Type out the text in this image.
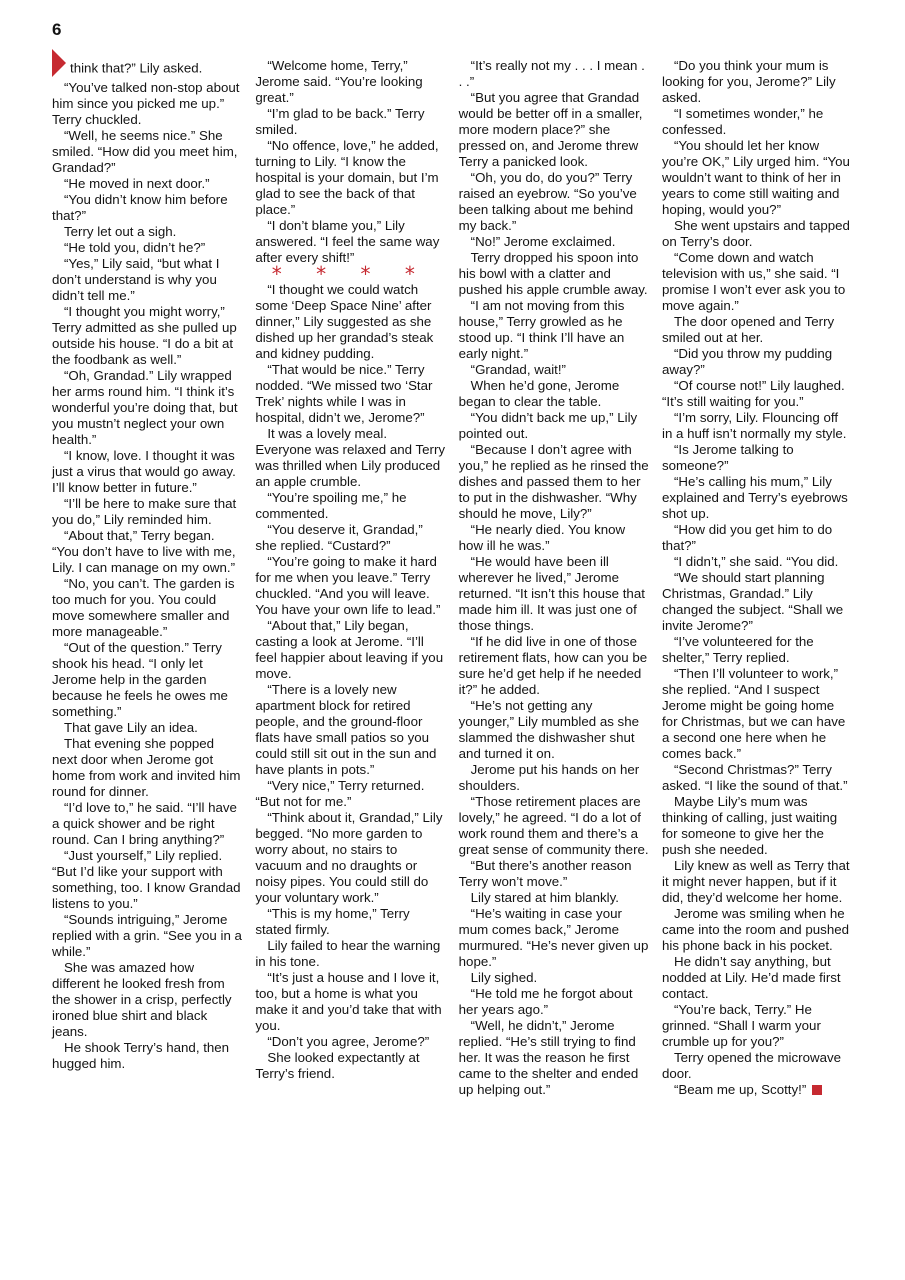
6

think that?” Lily asked.

“You’ve talked non-stop about him since you picked me up.” Terry chuckled.

“Well, he seems nice.” She smiled. “How did you meet him, Grandad?”

“He moved in next door.”

“You didn’t know him before that?”

Terry let out a sigh.

“He told you, didn’t he?”

“Yes,” Lily said, “but what I don’t understand is why you didn’t tell me.”

“I thought you might worry,” Terry admitted as she pulled up outside his house. “I do a bit at the foodbank as well.”

“Oh, Grandad.” Lily wrapped her arms round him. “I think it’s wonderful you’re doing that, but you mustn’t neglect your own health.”

“I know, love. I thought it was just a virus that would go away. I’ll know better in future.”

“I’ll be here to make sure that you do,” Lily reminded him.

“About that,” Terry began. “You don’t have to live with me, Lily. I can manage on my own.”

“No, you can’t. The garden is too much for you. You could move somewhere smaller and more manageable.”

“Out of the question.” Terry shook his head. “I only let Jerome help in the garden because he feels he owes me something.”

That gave Lily an idea.

That evening she popped next door when Jerome got home from work and invited him round for dinner.

“I’d love to,” he said. “I’ll have a quick shower and be right round. Can I bring anything?”

“Just yourself,” Lily replied. “But I’d like your support with something, too. I know Grandad listens to you.”

“Sounds intriguing,” Jerome replied with a grin. “See you in a while.”

She was amazed how different he looked fresh from the shower in a crisp, perfectly ironed blue shirt and black jeans.

He shook Terry’s hand, then hugged him.

“Welcome home, Terry,” Jerome said. “You’re looking great.”

“I’m glad to be back.” Terry smiled.

“No offence, love,” he added, turning to Lily. “I know the hospital is your domain, but I’m glad to see the back of that place.”

“I don’t blame you,” Lily answered. “I feel the same way after every shift!”

* * * *

“I thought we could watch some ‘Deep Space Nine’ after dinner,” Lily suggested as she dished up her grandad’s steak and kidney pudding.

“That would be nice.” Terry nodded. “We missed two ‘Star Trek’ nights while I was in hospital, didn’t we, Jerome?”

It was a lovely meal. Everyone was relaxed and Terry was thrilled when Lily produced an apple crumble.

“You’re spoiling me,” he commented.

“You deserve it, Grandad,” she replied. “Custard?”

“You’re going to make it hard for me when you leave.” Terry chuckled. “And you will leave. You have your own life to lead.”

“About that,” Lily began, casting a look at Jerome. “I’ll feel happier about leaving if you move.

“There is a lovely new apartment block for retired people, and the ground-floor flats have small patios so you could still sit out in the sun and have plants in pots.”

“Very nice,” Terry returned. “But not for me.”

“Think about it, Grandad,” Lily begged. “No more garden to worry about, no stairs to vacuum and no draughts or noisy pipes. You could still do your voluntary work.”

“This is my home,” Terry stated firmly.

Lily failed to hear the warning in his tone.

“It’s just a house and I love it, too, but a home is what you make it and you’d take that with you.

“Don’t you agree, Jerome?”

She looked expectantly at Terry’s friend.

“It’s really not my . . . I mean . . .”

“But you agree that Grandad would be better off in a smaller, more modern place?” she pressed on, and Jerome threw Terry a panicked look.

“Oh, you do, do you?” Terry raised an eyebrow. “So you’ve been talking about me behind my back.”

“No!” Jerome exclaimed.

Terry dropped his spoon into his bowl with a clatter and pushed his apple crumble away.

“I am not moving from this house,” Terry growled as he stood up. “I think I’ll have an early night.”

“Grandad, wait!”

When he’d gone, Jerome began to clear the table.

“You didn’t back me up,” Lily pointed out.

“Because I don’t agree with you,” he replied as he rinsed the dishes and passed them to her to put in the dishwasher. “Why should he move, Lily?”

“He nearly died. You know how ill he was.”

“He would have been ill wherever he lived,” Jerome returned. “It isn’t this house that made him ill. It was just one of those things.

“If he did live in one of those retirement flats, how can you be sure he’d get help if he needed it?” he added.

“He’s not getting any younger,” Lily mumbled as she slammed the dishwasher shut and turned it on.

Jerome put his hands on her shoulders.

“Those retirement places are lovely,” he agreed. “I do a lot of work round them and there’s a great sense of community there.

“But there’s another reason Terry won’t move.”

Lily stared at him blankly.

“He’s waiting in case your mum comes back,” Jerome murmured. “He’s never given up hope.”

Lily sighed.

“He told me he forgot about her years ago.”

“Well, he didn’t,” Jerome replied. “He’s still trying to find her. It was the reason he first came to the shelter and ended up helping out.”

“Do you think your mum is looking for you, Jerome?” Lily asked.

“I sometimes wonder,” he confessed.

“You should let her know you’re OK,” Lily urged him. “You wouldn’t want to think of her in years to come still waiting and hoping, would you?”

She went upstairs and tapped on Terry’s door.

“Come down and watch television with us,” she said. “I promise I won’t ever ask you to move again.”

The door opened and Terry smiled out at her.

“Did you throw my pudding away?”

“Of course not!” Lily laughed. “It’s still waiting for you.”

“I’m sorry, Lily. Flouncing off in a huff isn’t normally my style.

“Is Jerome talking to someone?”

“He’s calling his mum,” Lily explained and Terry’s eyebrows shot up.

“How did you get him to do that?”

“I didn’t,” she said. “You did.

“We should start planning Christmas, Grandad.” Lily changed the subject. “Shall we invite Jerome?”

“I’ve volunteered for the shelter,” Terry replied.

“Then I’ll volunteer to work,” she replied. “And I suspect Jerome might be going home for Christmas, but we can have a second one here when he comes back.”

“Second Christmas?” Terry asked. “I like the sound of that.”

Maybe Lily’s mum was thinking of calling, just waiting for someone to give her the push she needed.

Lily knew as well as Terry that it might never happen, but if it did, they’d welcome her home.

Jerome was smiling when he came into the room and pushed his phone back in his pocket.

He didn’t say anything, but nodded at Lily. He’d made first contact.

“You’re back, Terry.” He grinned. “Shall I warm your crumble up for you?”

Terry opened the microwave door.

“Beam me up, Scotty!”
